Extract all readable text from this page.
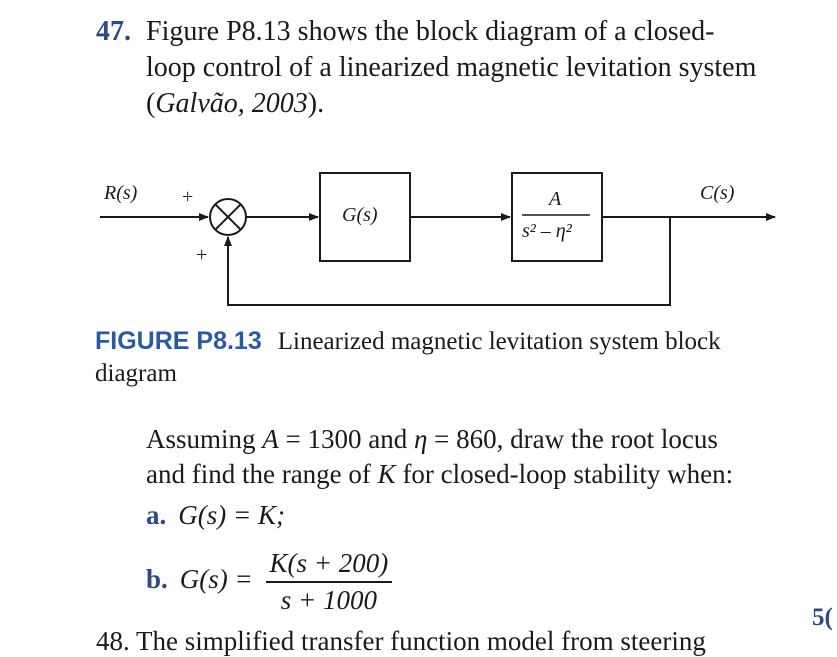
47. Figure P8.13 shows the block diagram of a closed-
loop control of a linearized magnetic levitation system
(Galvão, 2003).
R(s) +
+
G(s)
A
s² – η²
C(s)
FIGURE P8.13 Linearized magnetic levitation system block diagram
Assuming A = 1300 and η = 860, draw the root locus
and find the range of K for closed-loop stability when:
a. G(s) = K;
b. $G(s) = \frac{K(s + 200)}{s + 1000}$
48. The simplified transfer function model from steering
5(
